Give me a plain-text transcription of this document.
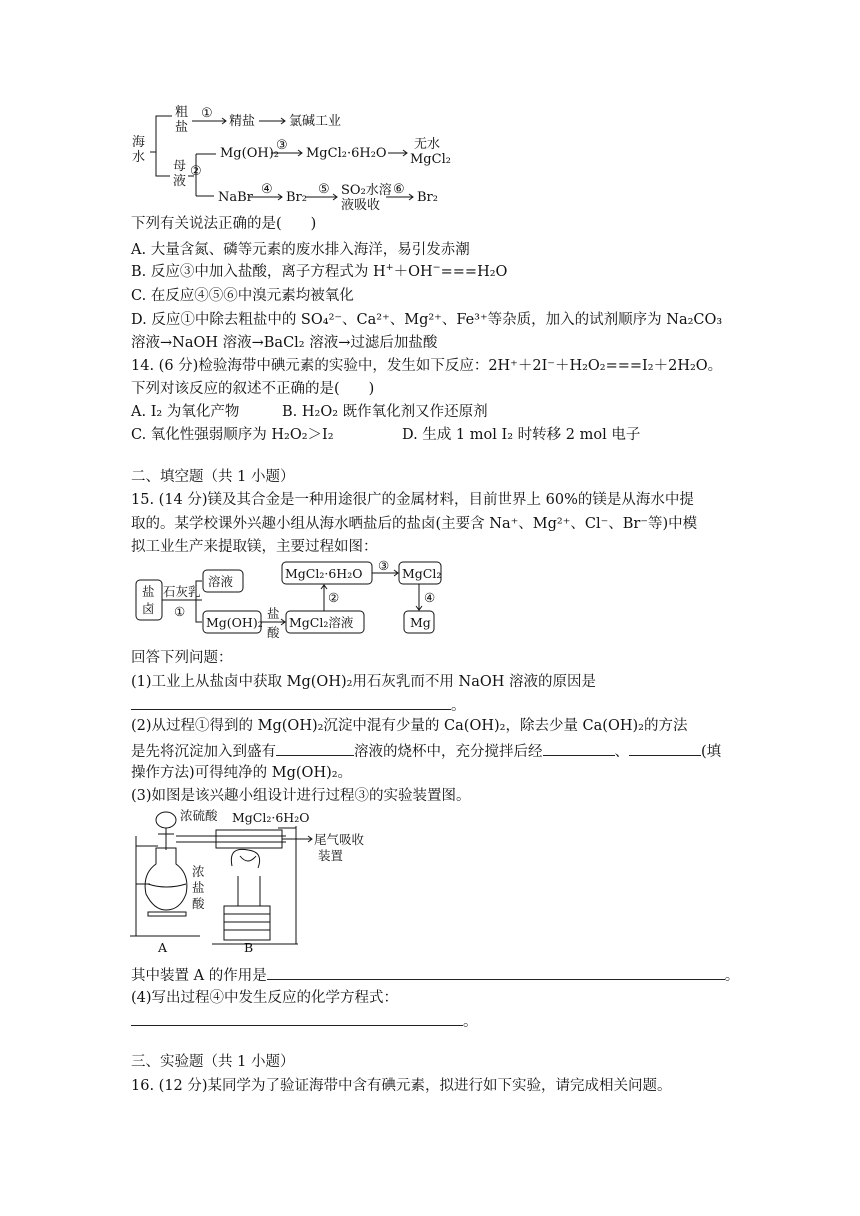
海
水
粗
盐
母
液
①
精盐	氯碱工业
②
Mg(OH)₂
③
MgCl₂·6H₂O
无水
MgCl₂
NaBr
④
Br₂
⑤ SO₂水溶
液吸收
⑥
Br₂
下列有关说法正确的是(　　)
A. 大量含氮、磷等元素的废水排入海洋，易引发赤潮
B. 反应③中加入盐酸，离子方程式为 H+＋OH−===H₂O
C. 在反应④⑤⑥中溴元素均被氧化
D. 反应①中除去粗盐中的 SO₄²⁻、Ca²⁺、Mg²⁺、Fe³⁺等杂质，加入的试剂顺序为 Na₂CO₃
溶液→NaOH 溶液→BaCl₂ 溶液→过滤后加盐酸
14. (6 分)检验海带中碘元素的实验中，发生如下反应：2H⁺＋2I⁻＋H₂O₂===I₂＋2H₂O。
下列对该反应的叙述不正确的是(　　)
A. I₂ 为氧化产物	B. H₂O₂ 既作氧化剂又作还原剂
C. 氧化性强弱顺序为 H₂O₂＞I₂	D. 生成 1 mol I₂ 时转移 2 mol 电子
二、填空题（共 1 小题）
15. (14 分)镁及其合金是一种用途很广的金属材料，目前世界上 60%的镁是从海水中提
取的。某学校课外兴趣小组从海水晒盐后的盐卤(主要含 Na⁺、Mg²⁺、Cl⁻、Br⁻等)中模
拟工业生产来提取镁，主要过程如图：
盐
卤
石灰乳
①
溶液
Mg(OH)₂
盐
酸
MgCl₂溶液
②
MgCl₂·6H₂O
③
MgCl₂
④
Mg
回答下列问题：
(1)工业上从盐卤中获取 Mg(OH)₂用石灰乳而不用 NaOH 溶液的原因是
。
(2)从过程①得到的 Mg(OH)₂沉淀中混有少量的 Ca(OH)₂，除去少量 Ca(OH)₂的方法
是先将沉淀加入到盛有	溶液的烧杯中，充分搅拌后经	、	(填
操作方法)可得纯净的 Mg(OH)₂。
(3)如图是该兴趣小组设计进行过程③的实验装置图。
浓硫酸 MgCl₂·6H₂O
尾气吸收
装置
浓
盐
酸
A	B
其中装置 A 的作用是	。
(4)写出过程④中发生反应的化学方程式：
。
三、实验题（共 1 小题）
16. (12 分)某同学为了验证海带中含有碘元素，拟进行如下实验，请完成相关问题。
